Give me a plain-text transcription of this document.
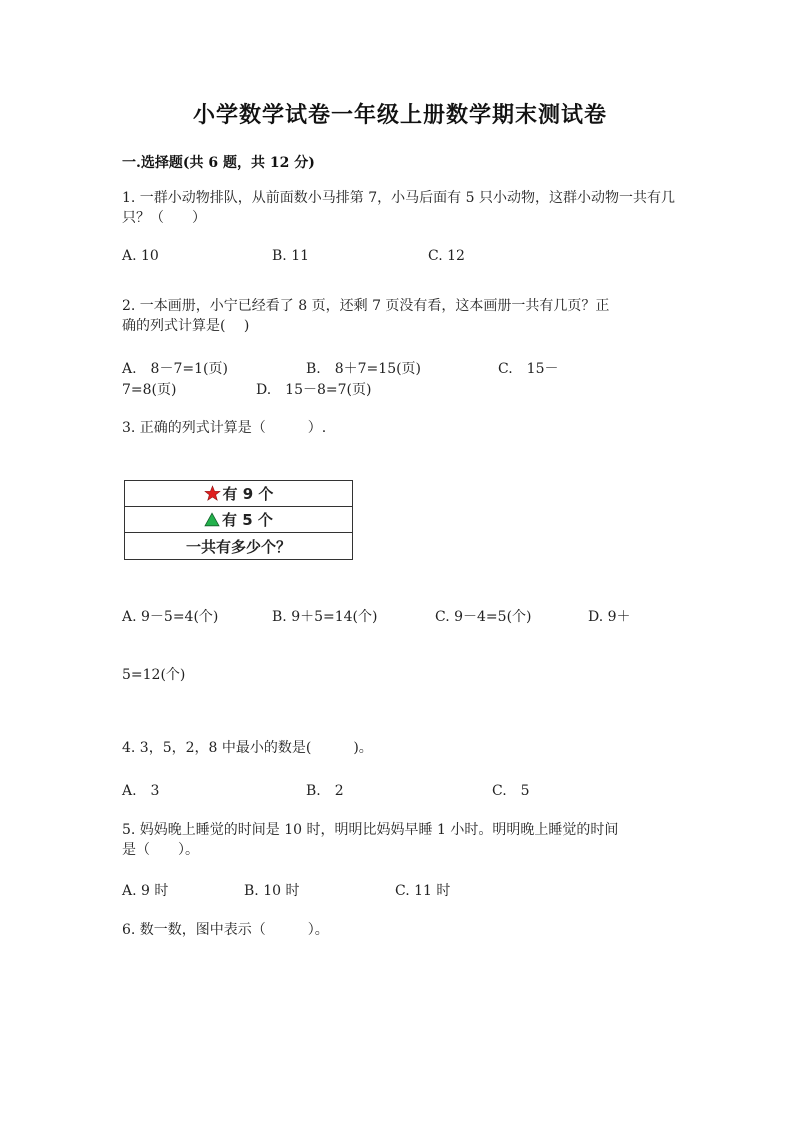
小学数学试卷一年级上册数学期末测试卷
一.选择题(共 6 题，共 12 分)
1. 一群小动物排队，从前面数小马排第 7，小马后面有 5 只小动物，这群小动物一共有几
只？（　　）
A. 10	B. 11	C. 12
2. 一本画册，小宁已经看了 8 页，还剩 7 页没有看，这本画册一共有几页？正
确的列式计算是(　 )
A.　8－7=1(页)	B.　8＋7=15(页)	C.　15－
7=8(页)	D.　15－8=7(页)
3. 正确的列式计算是（　　　）.
有 9 个
有 5 个
一共有多少个？
A. 9－5=4(个)	B. 9＋5=14(个)	C. 9－4=5(个)	D. 9＋
5=12(个)
4. 3，5，2，8 中最小的数是(　　　)。
A.　3	B.　2	C.　5
5. 妈妈晚上睡觉的时间是 10 时，明明比妈妈早睡 1 小时。明明晚上睡觉的时间
是（　　）。
A. 9 时	B. 10 时	C. 11 时
6. 数一数，图中表示（　　　）。
